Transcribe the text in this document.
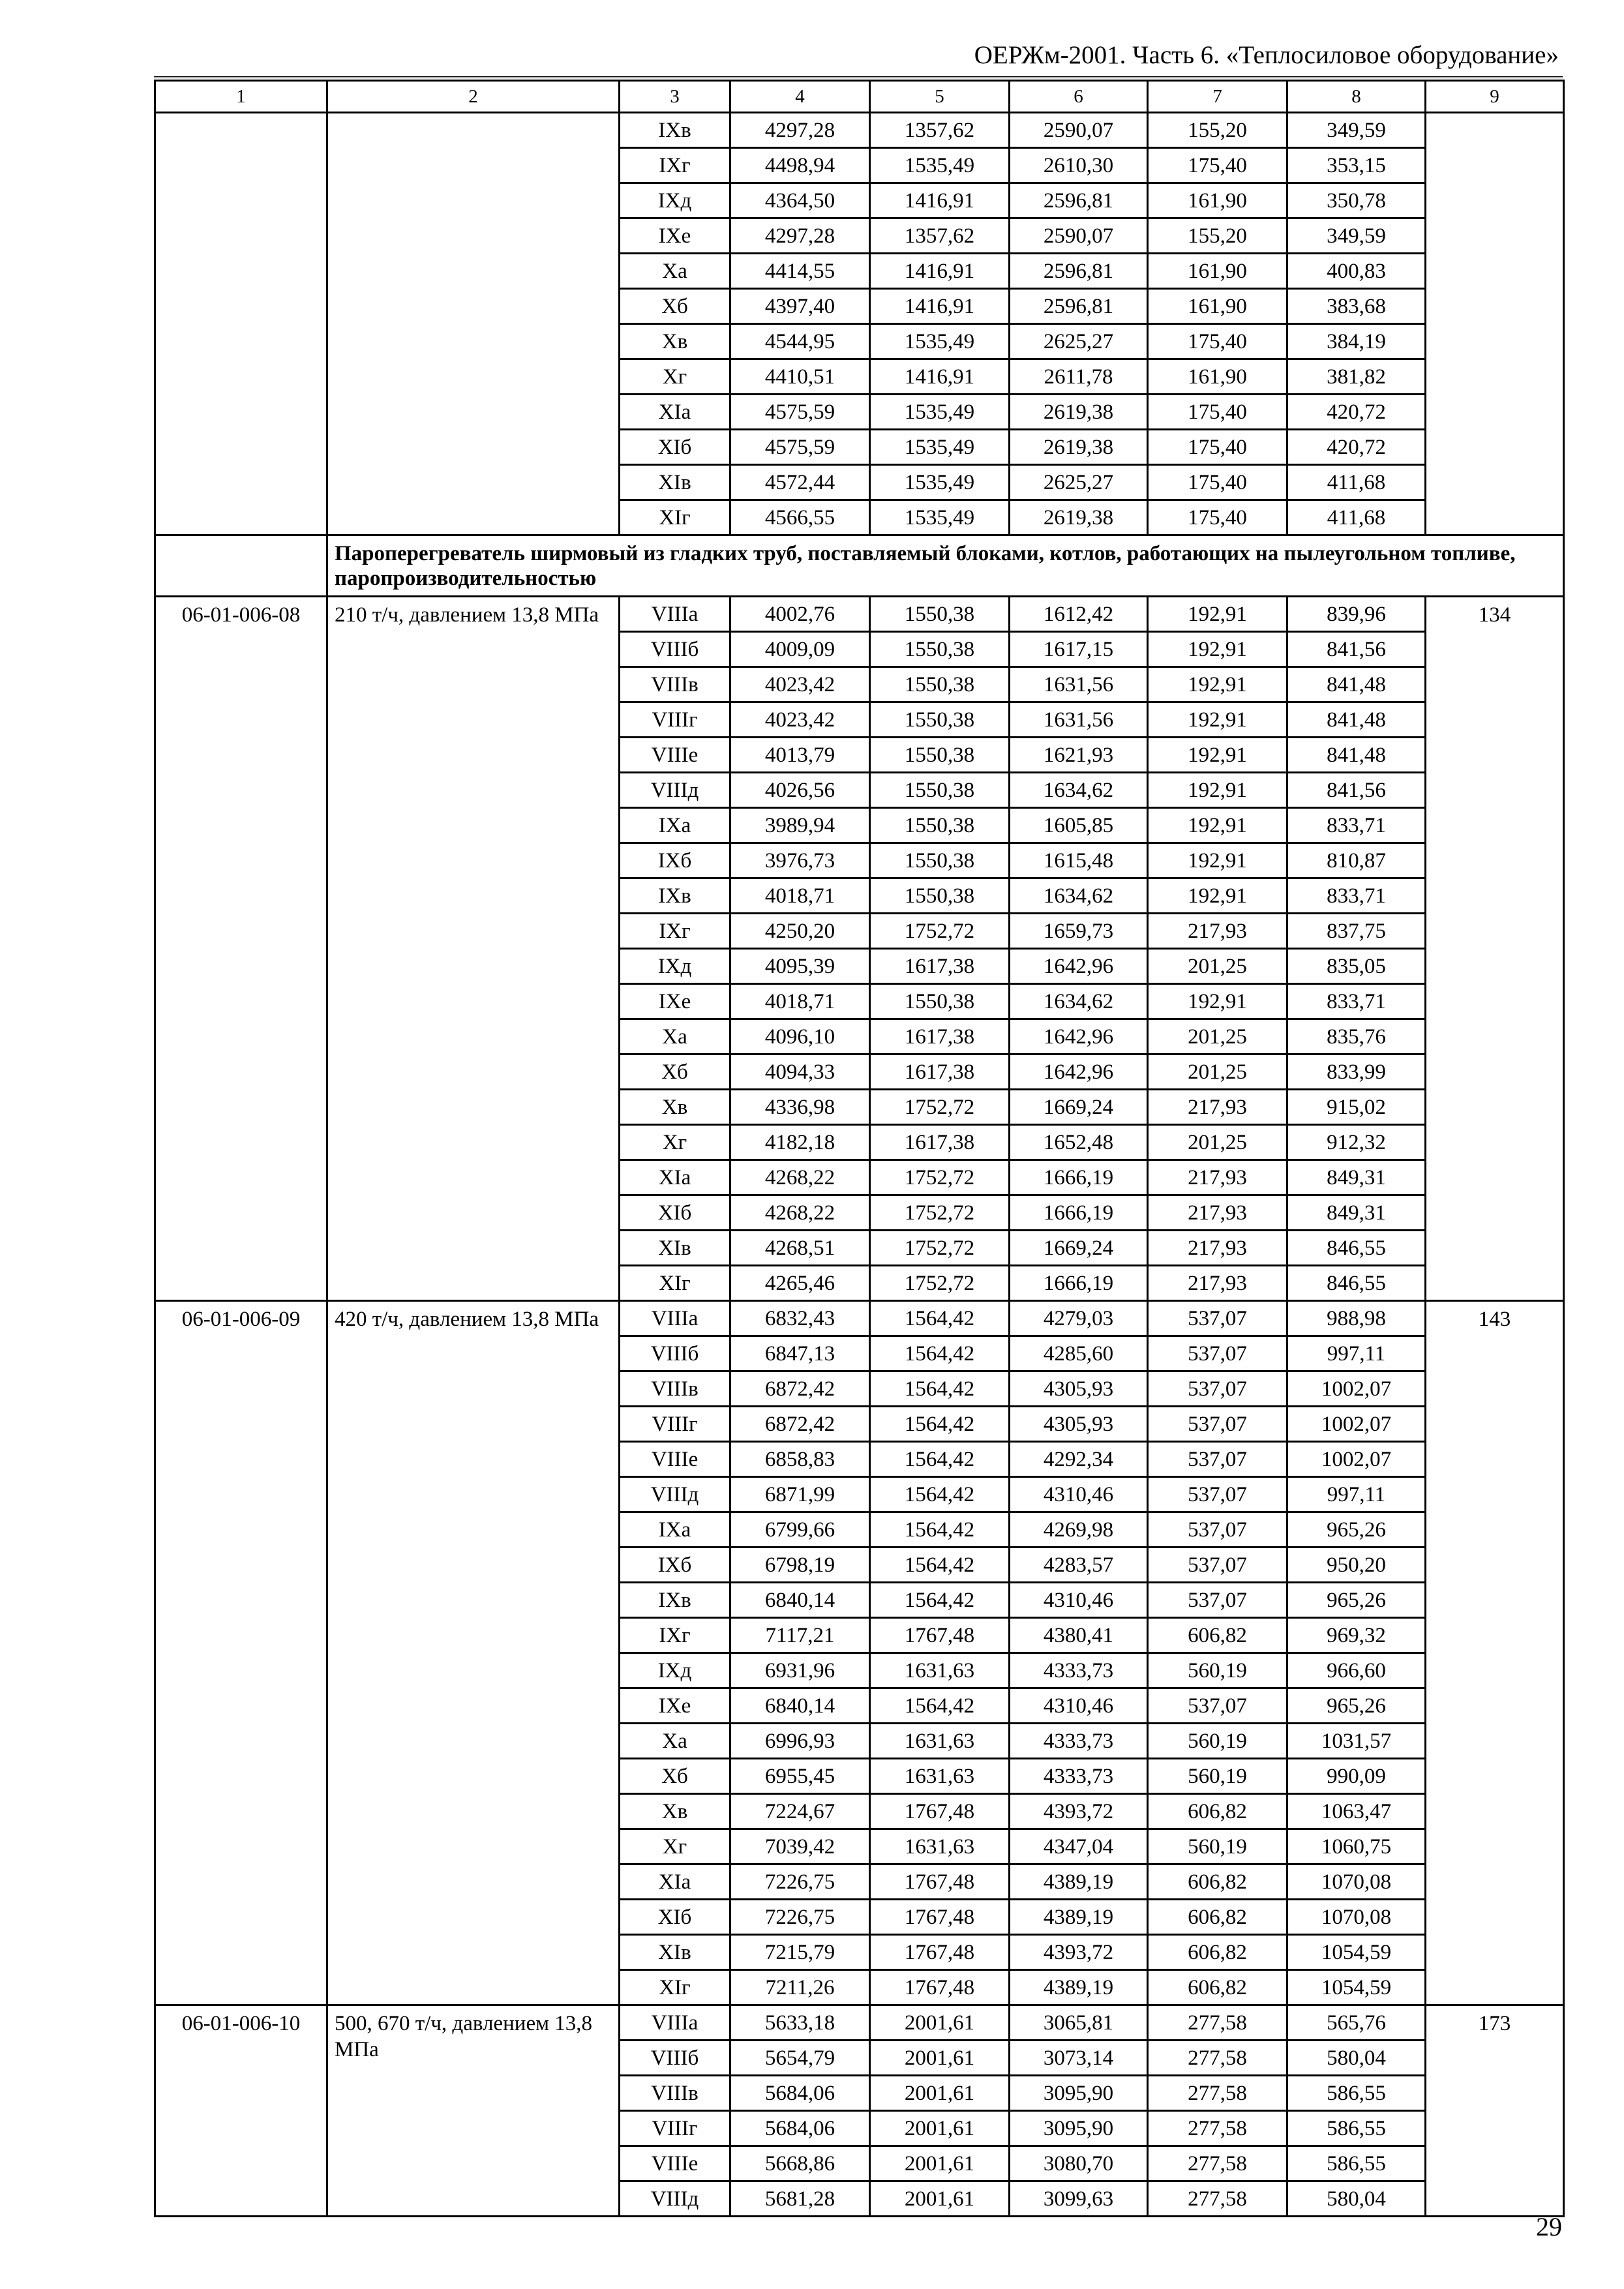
ОЕРЖм-2001. Часть 6. «Теплосиловое оборудование»
1	2	3	4	5	6	7	8	9
		IXв	4297,28	1357,62	2590,07	155,20	349,59	
		IXг	4498,94	1535,49	2610,30	175,40	353,15	
		IXд	4364,50	1416,91	2596,81	161,90	350,78	
		IXе	4297,28	1357,62	2590,07	155,20	349,59	
		Xа	4414,55	1416,91	2596,81	161,90	400,83	
		Xб	4397,40	1416,91	2596,81	161,90	383,68	
		Xв	4544,95	1535,49	2625,27	175,40	384,19	
		Xг	4410,51	1416,91	2611,78	161,90	381,82	
		XIа	4575,59	1535,49	2619,38	175,40	420,72	
		XIб	4575,59	1535,49	2619,38	175,40	420,72	
		XIв	4572,44	1535,49	2625,27	175,40	411,68	
		XIг	4566,55	1535,49	2619,38	175,40	411,68	
	Пароперегреватель ширмовый из гладких труб, поставляемый блоками, котлов, работающих на пылеугольном топливе, паропроизводительностью							
06-01-006-08	210 т/ч, давлением 13,8 МПа	VIIIа	4002,76	1550,38	1612,42	192,91	839,96	134
		VIIIб	4009,09	1550,38	1617,15	192,91	841,56	
		VIIIв	4023,42	1550,38	1631,56	192,91	841,48	
		VIIIг	4023,42	1550,38	1631,56	192,91	841,48	
		VIIIе	4013,79	1550,38	1621,93	192,91	841,48	
		VIIIд	4026,56	1550,38	1634,62	192,91	841,56	
		IXа	3989,94	1550,38	1605,85	192,91	833,71	
		IXб	3976,73	1550,38	1615,48	192,91	810,87	
		IXв	4018,71	1550,38	1634,62	192,91	833,71	
		IXг	4250,20	1752,72	1659,73	217,93	837,75	
		IXд	4095,39	1617,38	1642,96	201,25	835,05	
		IXе	4018,71	1550,38	1634,62	192,91	833,71	
		Xа	4096,10	1617,38	1642,96	201,25	835,76	
		Xб	4094,33	1617,38	1642,96	201,25	833,99	
		Xв	4336,98	1752,72	1669,24	217,93	915,02	
		Xг	4182,18	1617,38	1652,48	201,25	912,32	
		XIа	4268,22	1752,72	1666,19	217,93	849,31	
		XIб	4268,22	1752,72	1666,19	217,93	849,31	
		XIв	4268,51	1752,72	1669,24	217,93	846,55	
		XIг	4265,46	1752,72	1666,19	217,93	846,55	
06-01-006-09	420 т/ч, давлением 13,8 МПа	VIIIа	6832,43	1564,42	4279,03	537,07	988,98	143
		VIIIб	6847,13	1564,42	4285,60	537,07	997,11	
		VIIIв	6872,42	1564,42	4305,93	537,07	1002,07	
		VIIIг	6872,42	1564,42	4305,93	537,07	1002,07	
		VIIIе	6858,83	1564,42	4292,34	537,07	1002,07	
		VIIIд	6871,99	1564,42	4310,46	537,07	997,11	
		IXа	6799,66	1564,42	4269,98	537,07	965,26	
		IXб	6798,19	1564,42	4283,57	537,07	950,20	
		IXв	6840,14	1564,42	4310,46	537,07	965,26	
		IXг	7117,21	1767,48	4380,41	606,82	969,32	
		IXд	6931,96	1631,63	4333,73	560,19	966,60	
		IXе	6840,14	1564,42	4310,46	537,07	965,26	
		Xа	6996,93	1631,63	4333,73	560,19	1031,57	
		Xб	6955,45	1631,63	4333,73	560,19	990,09	
		Xв	7224,67	1767,48	4393,72	606,82	1063,47	
		Xг	7039,42	1631,63	4347,04	560,19	1060,75	
		XIа	7226,75	1767,48	4389,19	606,82	1070,08	
		XIб	7226,75	1767,48	4389,19	606,82	1070,08	
		XIв	7215,79	1767,48	4393,72	606,82	1054,59	
		XIг	7211,26	1767,48	4389,19	606,82	1054,59	
06-01-006-10	500, 670 т/ч, давлением 13,8 МПа	VIIIа	5633,18	2001,61	3065,81	277,58	565,76	173
		VIIIб	5654,79	2001,61	3073,14	277,58	580,04	
		VIIIв	5684,06	2001,61	3095,90	277,58	586,55	
		VIIIг	5684,06	2001,61	3095,90	277,58	586,55	
		VIIIе	5668,86	2001,61	3080,70	277,58	586,55	
		VIIIд	5681,28	2001,61	3099,63	277,58	580,04	
29
